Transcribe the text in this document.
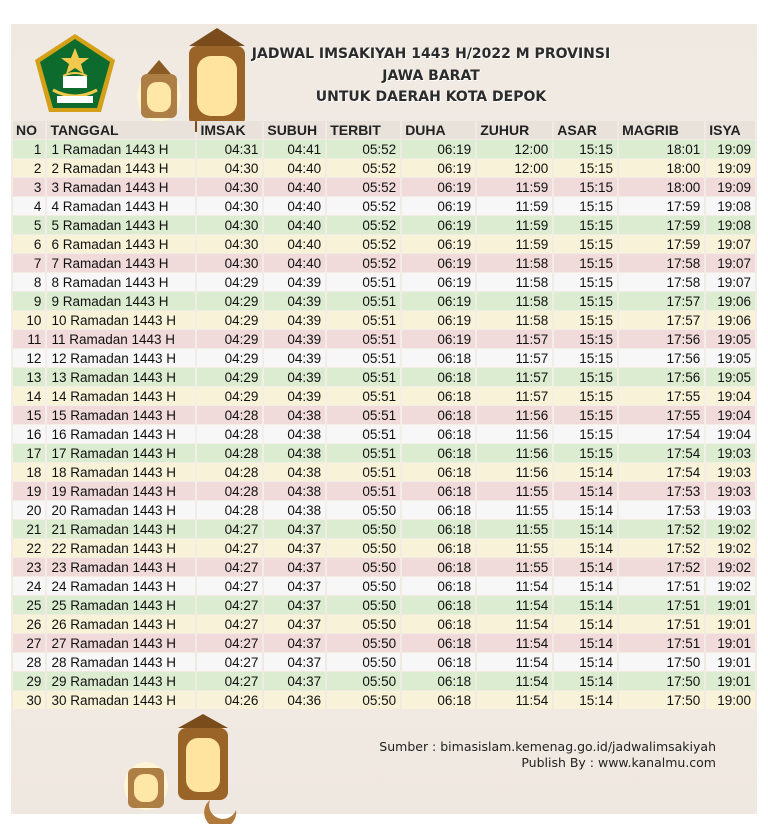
JADWAL IMSAKIYAH 1443 H/2022 M PROVINSI
JAWA BARAT
UNTUK DAERAH KOTA DEPOK
NO	TANGGAL	IMSAK	SUBUH	TERBIT	DUHA	ZUHUR	ASAR	MAGRIB	ISYA
1	1 Ramadan 1443 H	04:31	04:41	05:52	06:19	12:00	15:15	18:01	19:09
2	2 Ramadan 1443 H	04:30	04:40	05:52	06:19	12:00	15:15	18:00	19:09
3	3 Ramadan 1443 H	04:30	04:40	05:52	06:19	11:59	15:15	18:00	19:09
4	4 Ramadan 1443 H	04:30	04:40	05:52	06:19	11:59	15:15	17:59	19:08
5	5 Ramadan 1443 H	04:30	04:40	05:52	06:19	11:59	15:15	17:59	19:08
6	6 Ramadan 1443 H	04:30	04:40	05:52	06:19	11:59	15:15	17:59	19:07
7	7 Ramadan 1443 H	04:30	04:40	05:52	06:19	11:58	15:15	17:58	19:07
8	8 Ramadan 1443 H	04:29	04:39	05:51	06:19	11:58	15:15	17:58	19:07
9	9 Ramadan 1443 H	04:29	04:39	05:51	06:19	11:58	15:15	17:57	19:06
10	10 Ramadan 1443 H	04:29	04:39	05:51	06:19	11:58	15:15	17:57	19:06
11	11 Ramadan 1443 H	04:29	04:39	05:51	06:19	11:57	15:15	17:56	19:05
12	12 Ramadan 1443 H	04:29	04:39	05:51	06:18	11:57	15:15	17:56	19:05
13	13 Ramadan 1443 H	04:29	04:39	05:51	06:18	11:57	15:15	17:56	19:05
14	14 Ramadan 1443 H	04:29	04:39	05:51	06:18	11:57	15:15	17:55	19:04
15	15 Ramadan 1443 H	04:28	04:38	05:51	06:18	11:56	15:15	17:55	19:04
16	16 Ramadan 1443 H	04:28	04:38	05:51	06:18	11:56	15:15	17:54	19:04
17	17 Ramadan 1443 H	04:28	04:38	05:51	06:18	11:56	15:15	17:54	19:03
18	18 Ramadan 1443 H	04:28	04:38	05:51	06:18	11:56	15:14	17:54	19:03
19	19 Ramadan 1443 H	04:28	04:38	05:51	06:18	11:55	15:14	17:53	19:03
20	20 Ramadan 1443 H	04:28	04:38	05:50	06:18	11:55	15:14	17:53	19:03
21	21 Ramadan 1443 H	04:27	04:37	05:50	06:18	11:55	15:14	17:52	19:02
22	22 Ramadan 1443 H	04:27	04:37	05:50	06:18	11:55	15:14	17:52	19:02
23	23 Ramadan 1443 H	04:27	04:37	05:50	06:18	11:55	15:14	17:52	19:02
24	24 Ramadan 1443 H	04:27	04:37	05:50	06:18	11:54	15:14	17:51	19:02
25	25 Ramadan 1443 H	04:27	04:37	05:50	06:18	11:54	15:14	17:51	19:01
26	26 Ramadan 1443 H	04:27	04:37	05:50	06:18	11:54	15:14	17:51	19:01
27	27 Ramadan 1443 H	04:27	04:37	05:50	06:18	11:54	15:14	17:51	19:01
28	28 Ramadan 1443 H	04:27	04:37	05:50	06:18	11:54	15:14	17:50	19:01
29	29 Ramadan 1443 H	04:27	04:37	05:50	06:18	11:54	15:14	17:50	19:01
30	30 Ramadan 1443 H	04:26	04:36	05:50	06:18	11:54	15:14	17:50	19:00
Sumber : bimasislam.kemenag.go.id/jadwalimsakiyah
Publish By : www.kanalmu.com
